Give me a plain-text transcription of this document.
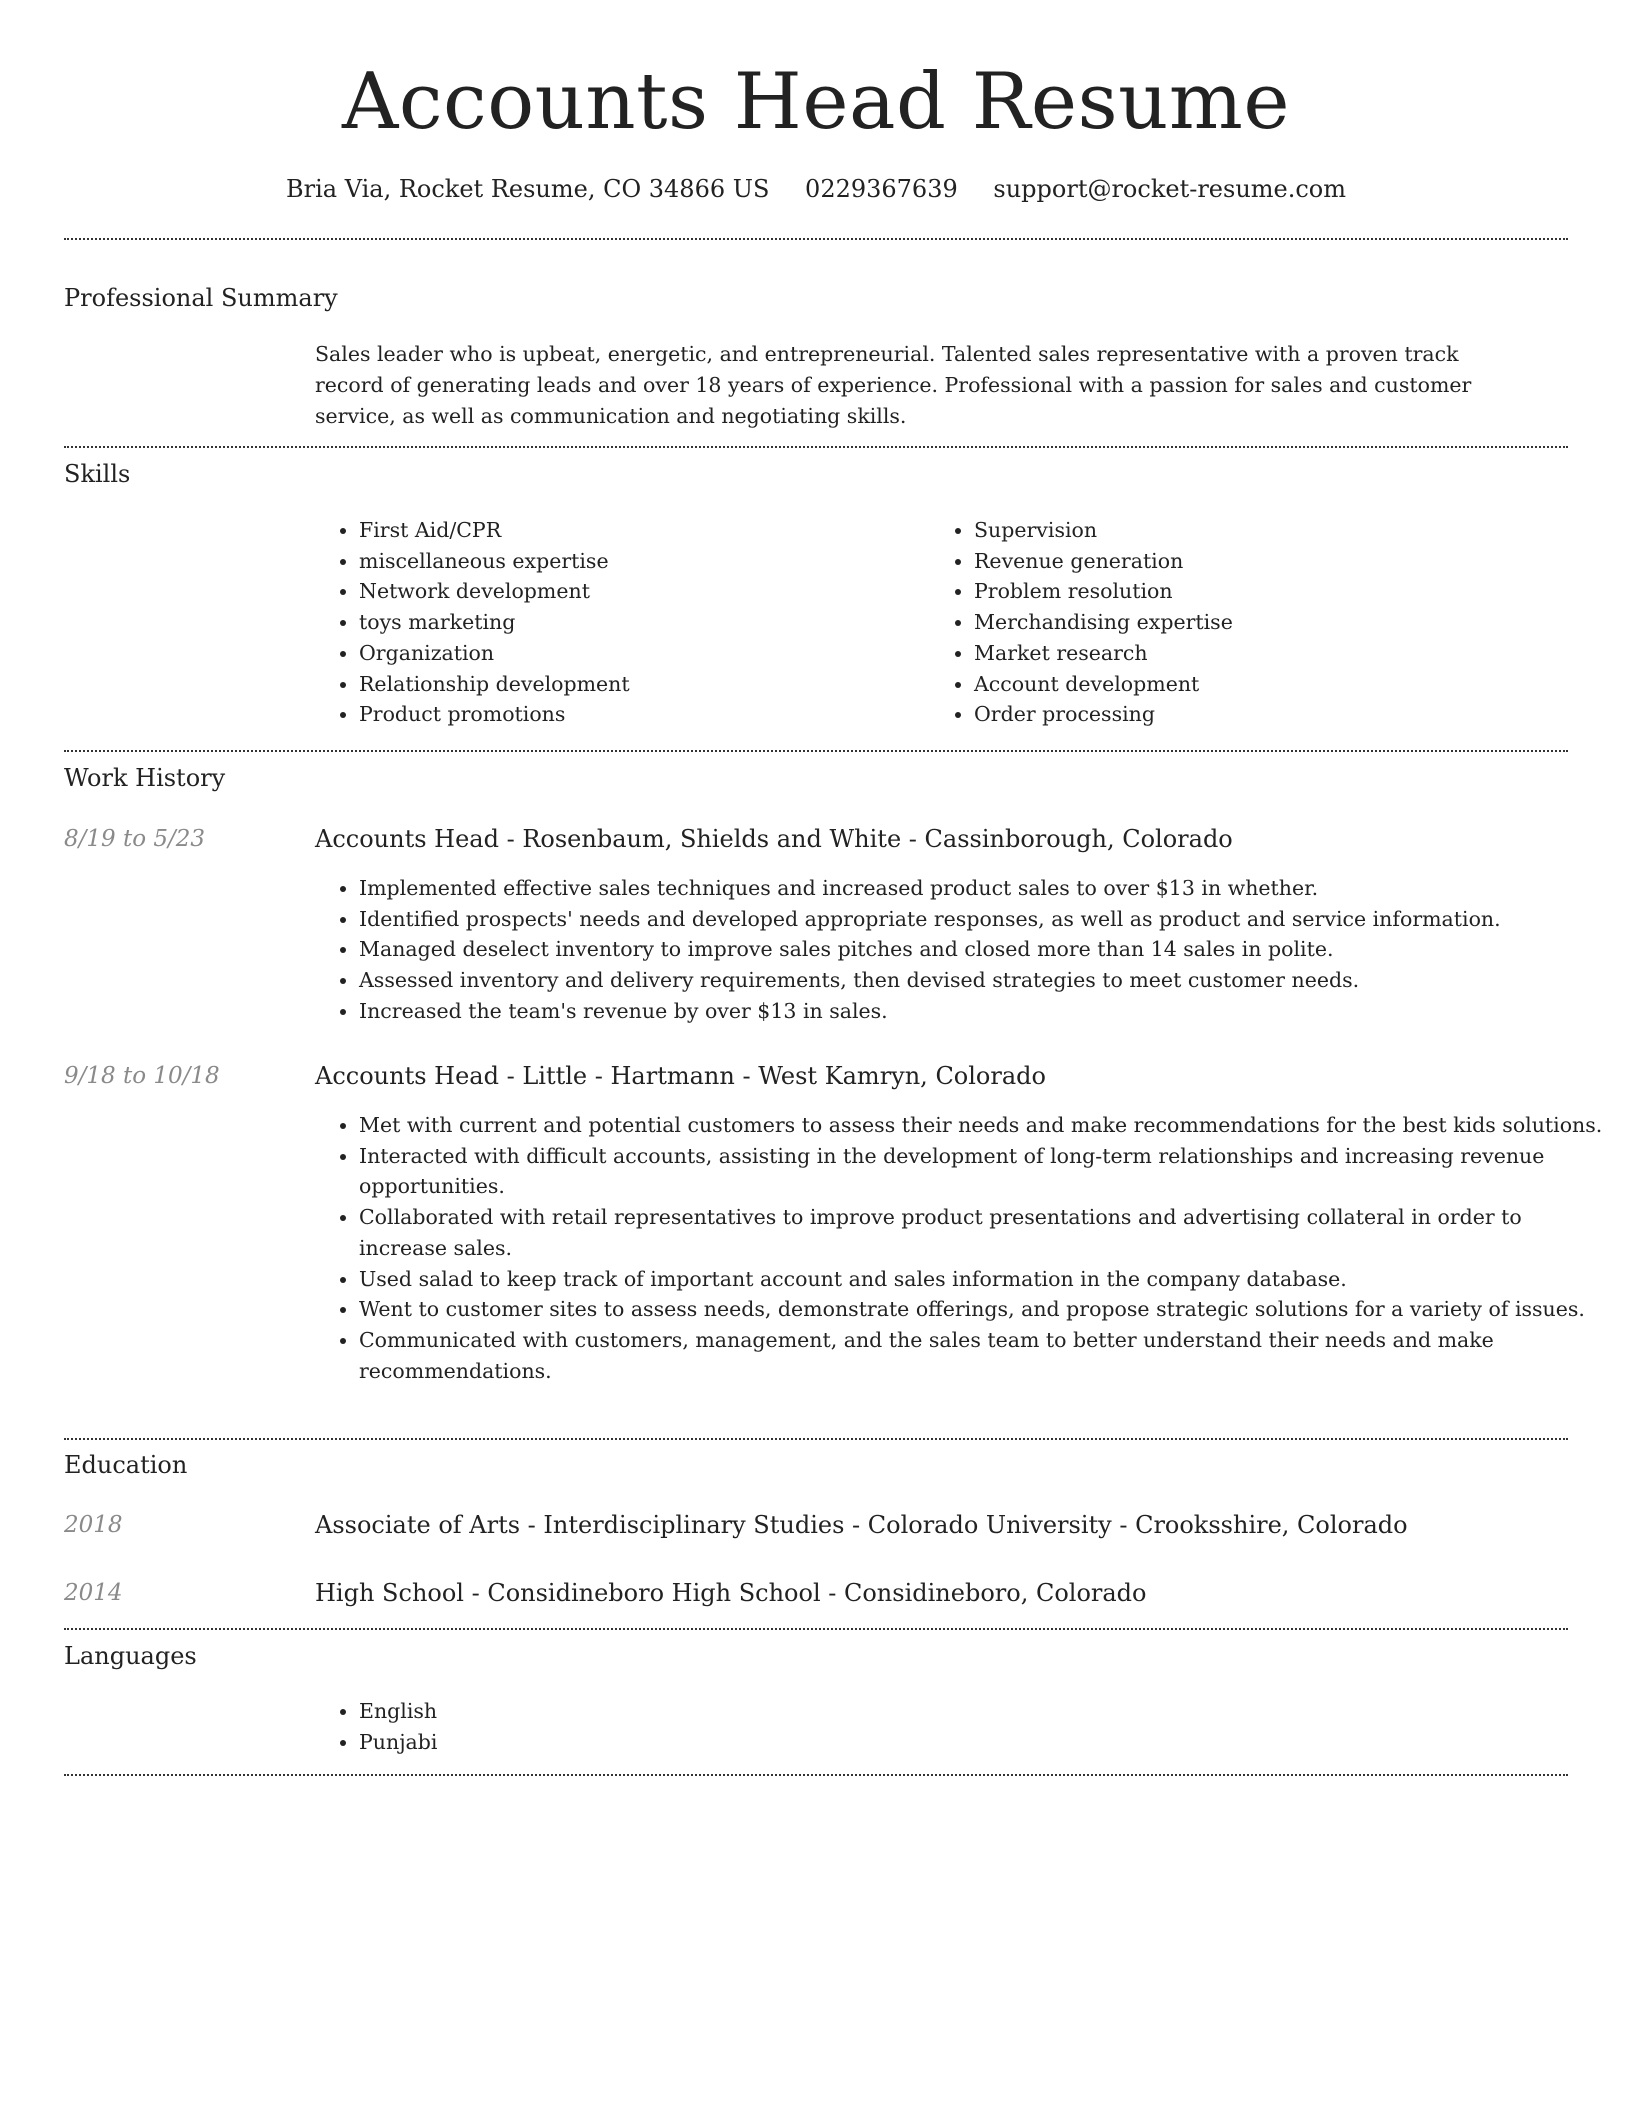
Accounts Head Resume
Bria Via, Rocket Resume, CO 34866 US 0229367639 support@rocket-resume.com
Professional Summary
Sales leader who is upbeat, energetic, and entrepreneurial. Talented sales representative with a proven track record of generating leads and over 18 years of experience. Professional with a passion for sales and customer service, as well as communication and negotiating skills.
Skills
• First Aid/CPR
• miscellaneous expertise
• Network development
• toys marketing
• Organization
• Relationship development
• Product promotions
• Supervision
• Revenue generation
• Problem resolution
• Merchandising expertise
• Market research
• Account development
• Order processing
Work History
8/19 to 5/23	Accounts Head - Rosenbaum, Shields and White - Cassinborough, Colorado
• Implemented effective sales techniques and increased product sales to over $13 in whether.
• Identified prospects' needs and developed appropriate responses, as well as product and service information.
• Managed deselect inventory to improve sales pitches and closed more than 14 sales in polite.
• Assessed inventory and delivery requirements, then devised strategies to meet customer needs.
• Increased the team's revenue by over $13 in sales.
9/18 to 10/18	Accounts Head - Little - Hartmann - West Kamryn, Colorado
• Met with current and potential customers to assess their needs and make recommendations for the best kids solutions.
• Interacted with difficult accounts, assisting in the development of long-term relationships and increasing revenue opportunities.
• Collaborated with retail representatives to improve product presentations and advertising collateral in order to increase sales.
• Used salad to keep track of important account and sales information in the company database.
• Went to customer sites to assess needs, demonstrate offerings, and propose strategic solutions for a variety of issues.
• Communicated with customers, management, and the sales team to better understand their needs and make recommendations.
Education
2018	Associate of Arts - Interdisciplinary Studies - Colorado University - Crooksshire, Colorado
2014	High School - Considineboro High School - Considineboro, Colorado
Languages
• English
• Punjabi
